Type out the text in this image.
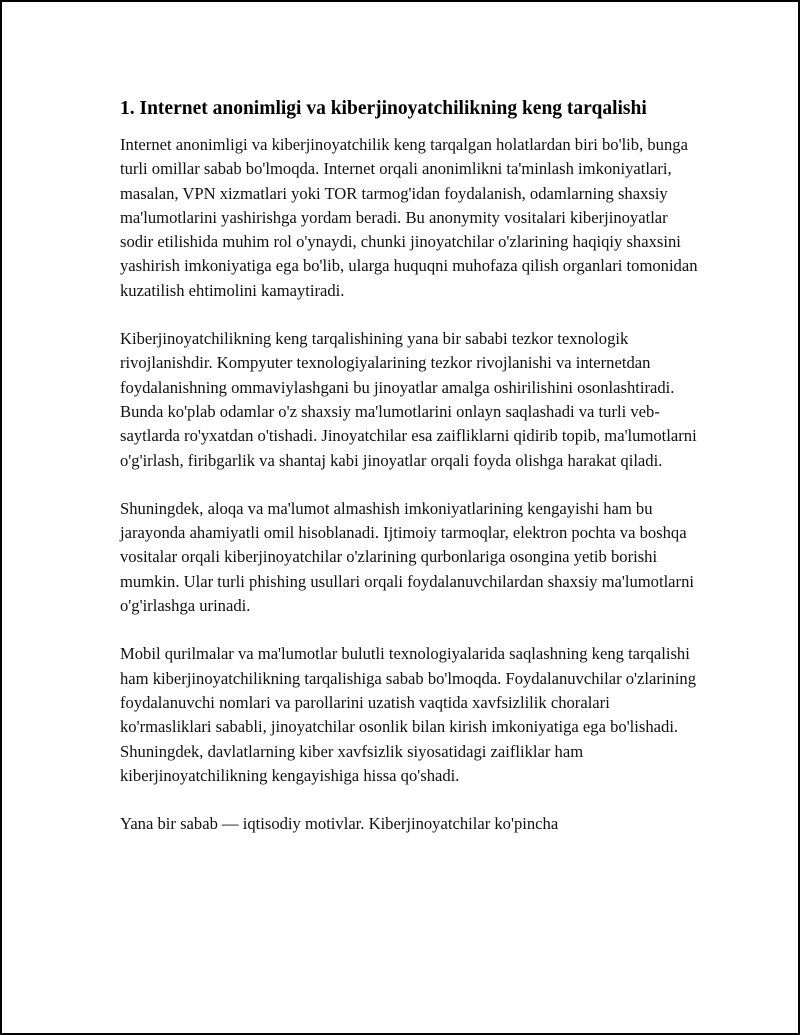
1. Internet anonimligi va kiberjinoyatchilikning keng tarqalishi

Internet anonimligi va kiberjinoyatchilik keng tarqalgan holatlardan biri bo'lib, bunga turli omillar sabab bo'lmoqda. Internet orqali anonimlikni ta'minlash imkoniyatlari, masalan, VPN xizmatlari yoki TOR tarmog'idan foydalanish, odamlarning shaxsiy ma'lumotlarini yashirishga yordam beradi. Bu anonymity vositalari kiberjinoyatlar sodir etilishida muhim rol o'ynaydi, chunki jinoyatchilar o'zlarining haqiqiy shaxsini yashirish imkoniyatiga ega bo'lib, ularga huquqni muhofaza qilish organlari tomonidan kuzatilish ehtimolini kamaytiradi.

Kiberjinoyatchilikning keng tarqalishining yana bir sababi tezkor texnologik rivojlanishdir. Kompyuter texnologiyalarining tezkor rivojlanishi va internetdan foydalanishning ommaviylashgani bu jinoyatlar amalga oshirilishini osonlashtiradi. Bunda ko'plab odamlar o'z shaxsiy ma'lumotlarini onlayn saqlashadi va turli veb-saytlarda ro'yxatdan o'tishadi. Jinoyatchilar esa zaifliklarni qidirib topib, ma'lumotlarni o'g'irlash, firibgarlik va shantaj kabi jinoyatlar orqali foyda olishga harakat qiladi.

Shuningdek, aloqa va ma'lumot almashish imkoniyatlarining kengayishi ham bu jarayonda ahamiyatli omil hisoblanadi. Ijtimoiy tarmoqlar, elektron pochta va boshqa vositalar orqali kiberjinoyatchilar o'zlarining qurbonlariga osongina yetib borishi mumkin. Ular turli phishing usullari orqali foydalanuvchilardan shaxsiy ma'lumotlarni o'g'irlashga urinadi.

Mobil qurilmalar va ma'lumotlar bulutli texnologiyalarida saqlashning keng tarqalishi ham kiberjinoyatchilikning tarqalishiga sabab bo'lmoqda. Foydalanuvchilar o'zlarining foydalanuvchi nomlari va parollarini uzatish vaqtida xavfsizlilik choralari ko'rmasliklari sababli, jinoyatchilar osonlik bilan kirish imkoniyatiga ega bo'lishadi. Shuningdek, davlatlarning kiber xavfsizlik siyosatidagi zaifliklar ham kiberjinoyatchilikning kengayishiga hissa qo'shadi.

Yana bir sabab — iqtisodiy motivlar. Kiberjinoyatchilar ko'pincha
